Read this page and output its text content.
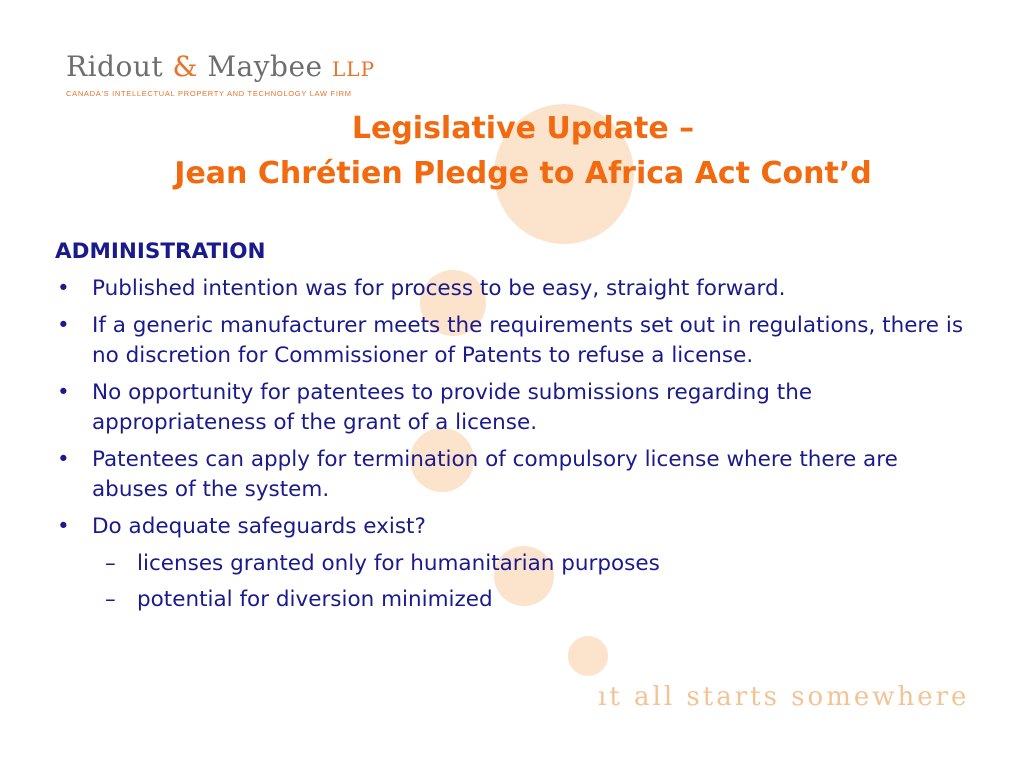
Ridout & Maybee LLP
CANADA'S INTELLECTUAL PROPERTY AND TECHNOLOGY LAW FIRM
Legislative Update –
Jean Chrétien Pledge to Africa Act Cont’d
ADMINISTRATION
• Published intention was for process to be easy, straight forward.
• If a generic manufacturer meets the requirements set out in regulations, there is no discretion for Commissioner of Patents to refuse a license.
• No opportunity for patentees to provide submissions regarding the appropriateness of the grant of a license.
• Patentees can apply for termination of compulsory license where there are abuses of the system.
• Do adequate safeguards exist?
– licenses granted only for humanitarian purposes
– potential for diversion minimized
ıt all starts somewhere
